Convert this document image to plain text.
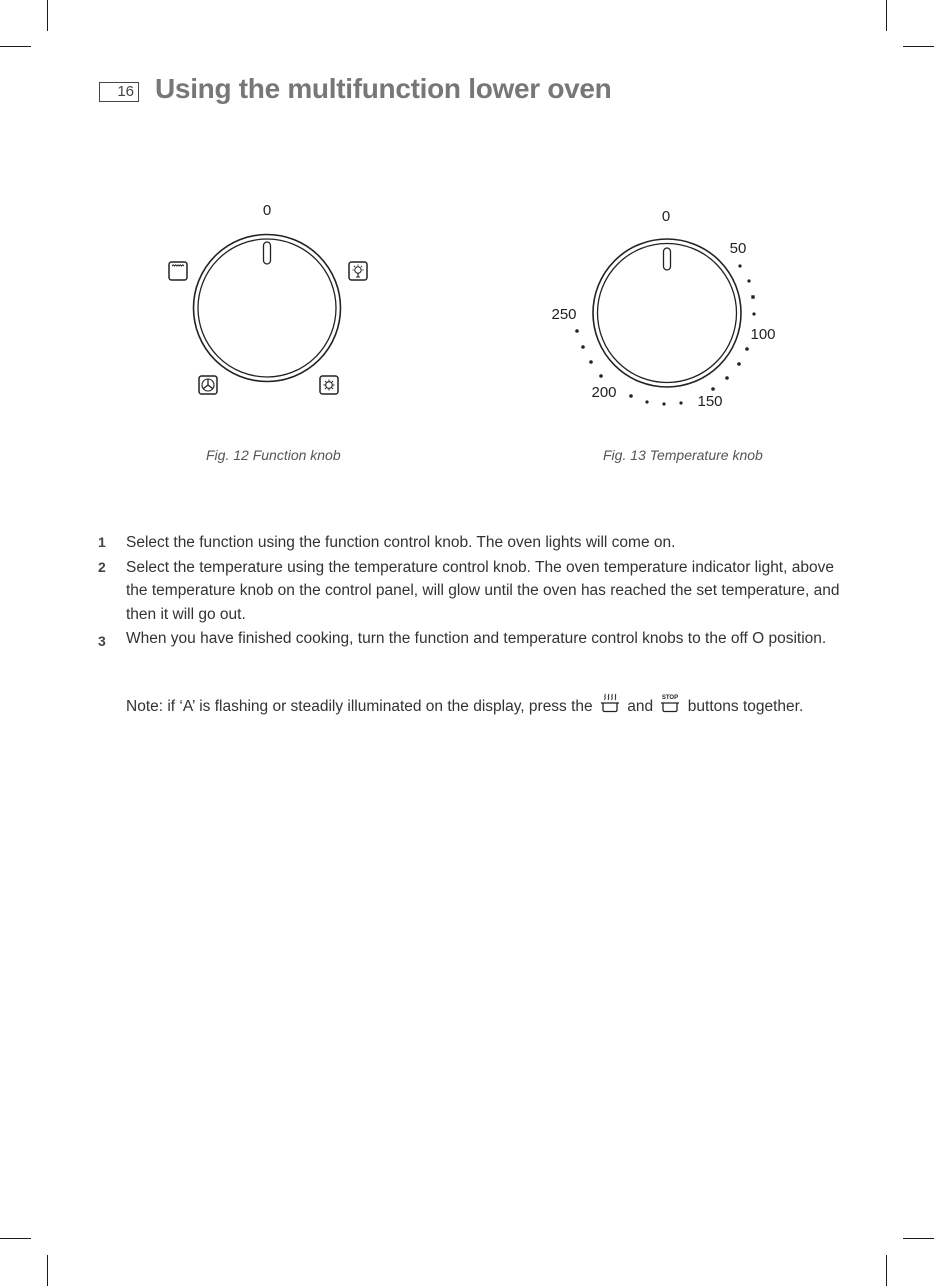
16 Using the multifunction lower oven
0	0
50
100
150
200
250
Fig. 12 Function knob	Fig. 13 Temperature knob
1 Select the function using the function control knob. The oven lights will come on.
2 Select the temperature using the temperature control knob. The oven temperature indicator light, above the temperature knob on the control panel, will glow until the oven has reached the set temperature, and then it will go out.
3 When you have finished cooking, turn the function and temperature control knobs to the off O position.
Note: if ‘A’ is flashing or steadily illuminated on the display, press the and STOP buttons together.
